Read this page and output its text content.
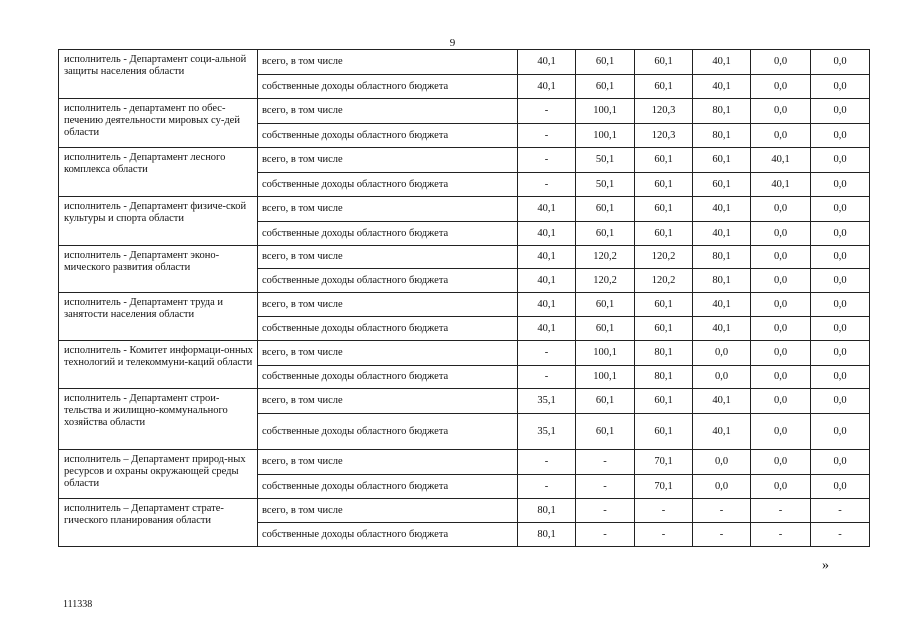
9
исполнитель - Департамент соци-альной защиты населения области	всего, в том числе	40,1	60,1	60,1	40,1	0,0	0,0
	собственные доходы областного бюджета	40,1	60,1	60,1	40,1	0,0	0,0
исполнитель - департамент по обес-печению деятельности мировых су-дей области	всего, в том числе	-	100,1	120,3	80,1	0,0	0,0
	собственные доходы областного бюджета	-	100,1	120,3	80,1	0,0	0,0
исполнитель - Департамент лесного комплекса области	всего, в том числе	-	50,1	60,1	60,1	40,1	0,0
	собственные доходы областного бюджета	-	50,1	60,1	60,1	40,1	0,0
исполнитель - Департамент физиче-ской культуры и спорта области	всего, в том числе	40,1	60,1	60,1	40,1	0,0	0,0
	собственные доходы областного бюджета	40,1	60,1	60,1	40,1	0,0	0,0
исполнитель - Департамент эконо-мического развития области	всего, в том числе	40,1	120,2	120,2	80,1	0,0	0,0
	собственные доходы областного бюджета	40,1	120,2	120,2	80,1	0,0	0,0
исполнитель - Департамент труда и занятости населения области	всего, в том числе	40,1	60,1	60,1	40,1	0,0	0,0
	собственные доходы областного бюджета	40,1	60,1	60,1	40,1	0,0	0,0
исполнитель - Комитет информаци-онных технологий и телекоммуни-каций области	всего, в том числе	-	100,1	80,1	0,0	0,0	0,0
	собственные доходы областного бюджета	-	100,1	80,1	0,0	0,0	0,0
исполнитель - Департамент строи-тельства и жилищно-коммунального хозяйства области	всего, в том числе	35,1	60,1	60,1	40,1	0,0	0,0
	собственные доходы областного бюджета	35,1	60,1	60,1	40,1	0,0	0,0
исполнитель – Департамент природ-ных ресурсов и охраны окружающей среды области	всего, в том числе	-	-	70,1	0,0	0,0	0,0
	собственные доходы областного бюджета	-	-	70,1	0,0	0,0	0,0
исполнитель – Департамент страте-гического планирования области	всего, в том числе	80,1	-	-	-	-	-
	собственные доходы областного бюджета	80,1	-	-	-	-	-
»
111338
